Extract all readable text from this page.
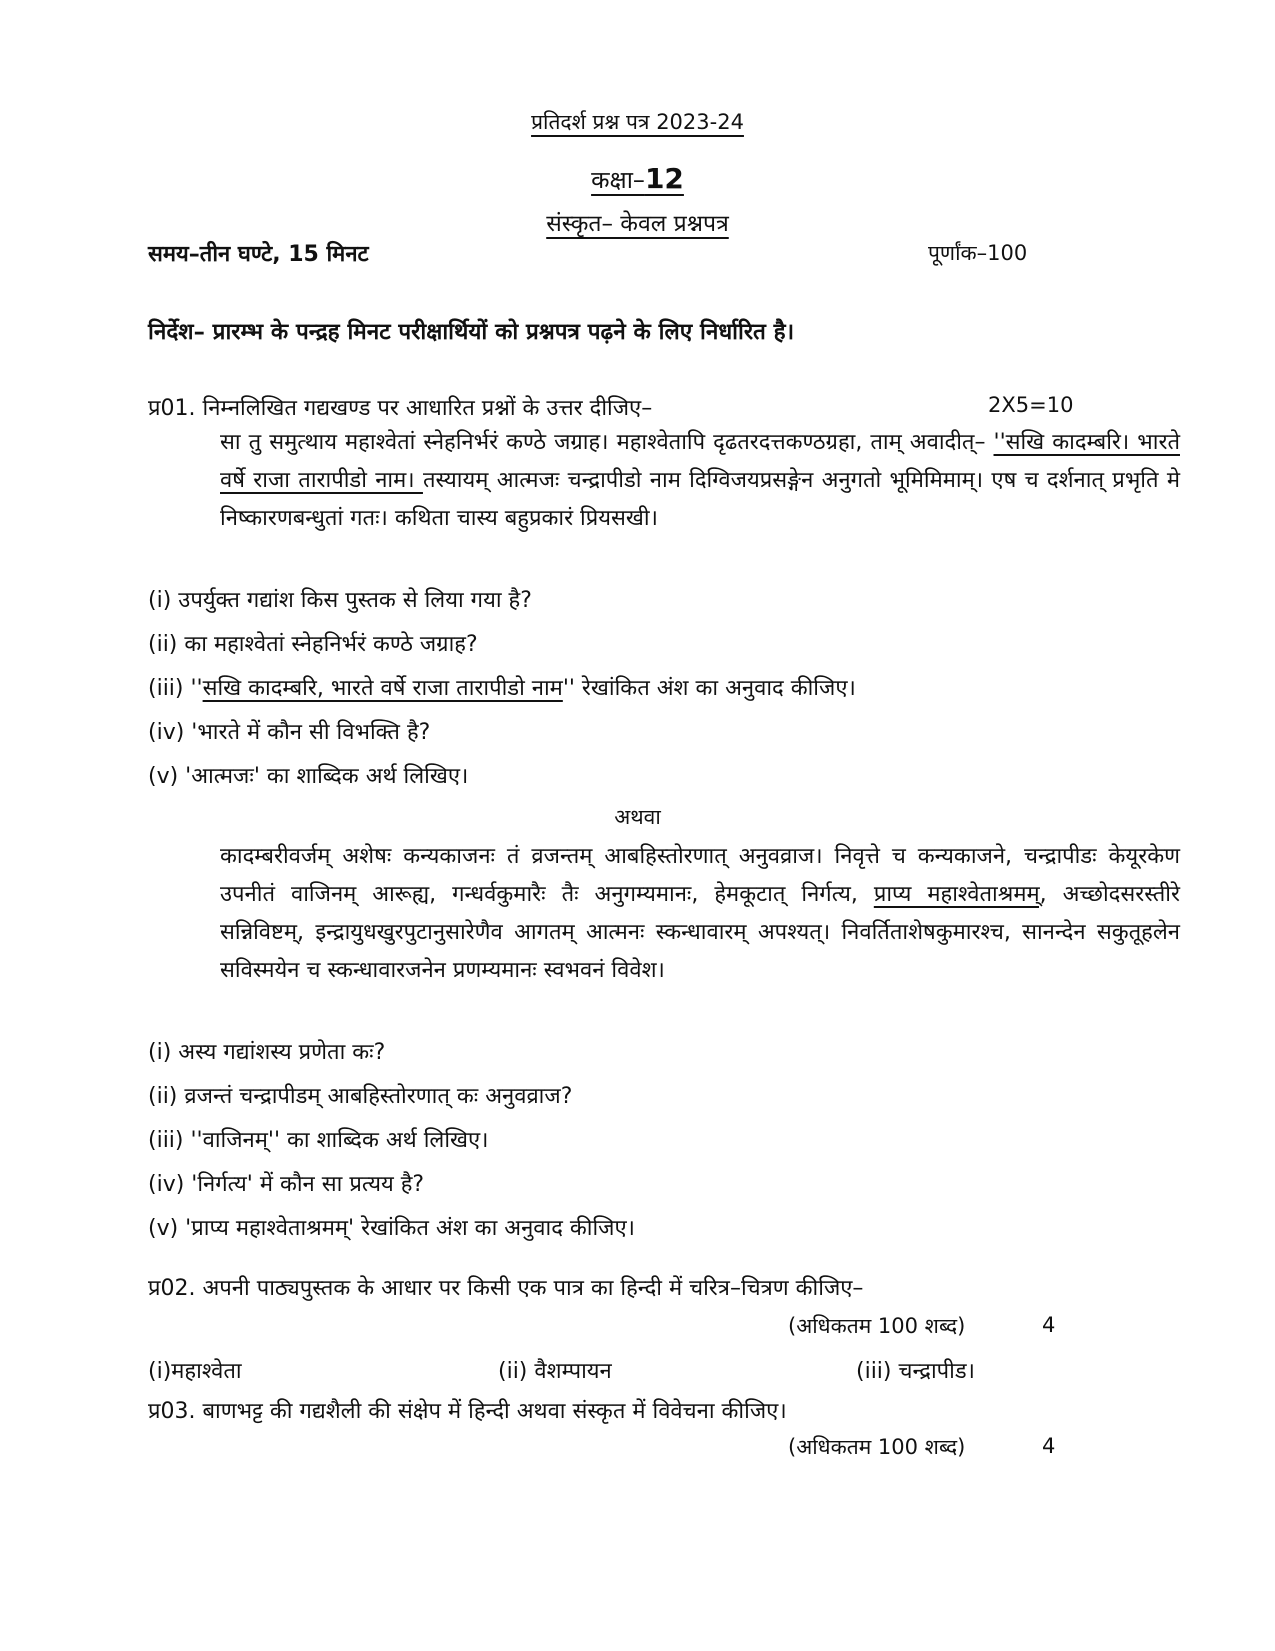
प्रतिदर्श प्रश्न पत्र 2023-24
कक्षा–12
संस्कृत– केवल प्रश्नपत्र
समय–तीन घण्टे, 15 मिनट	पूर्णांक–100
निर्देश– प्रारम्भ के पन्द्रह मिनट परीक्षार्थियों को प्रश्नपत्र पढ़ने के लिए निर्धारित है।
प्र01. निम्नलिखित गद्यखण्ड पर आधारित प्रश्नों के उत्तर दीजिए–	2X5=10
सा तु समुत्थाय महाश्वेतां स्नेहनिर्भरं कण्ठे जग्राह। महाश्वेतापि दृढतरदत्तकण्ठग्रहा, ताम् अवादीत्– ''सखि कादम्बरि। भारते वर्षे राजा तारापीडो नाम। तस्यायम् आत्मजः चन्द्रापीडो नाम दिग्विजयप्रसङ्गेन अनुगतो भूमिमिमाम्। एष च दर्शनात् प्रभृति मे निष्कारणबन्धुतां गतः। कथिता चास्य बहुप्रकारं प्रियसखी।
(i) उपर्युक्त गद्यांश किस पुस्तक से लिया गया है?
(ii) का महाश्वेतां स्नेहनिर्भरं कण्ठे जग्राह?
(iii) ''सखि कादम्बरि, भारते वर्षे राजा तारापीडो नाम'' रेखांकित अंश का अनुवाद कीजिए।
(iv) 'भारते में कौन सी विभक्ति है?
(v) 'आत्मजः' का शाब्दिक अर्थ लिखिए।
अथवा
कादम्बरीवर्जम् अशेषः कन्यकाजनः तं व्रजन्तम् आबहिस्तोरणात् अनुवव्राज। निवृत्ते च कन्यकाजने, चन्द्रापीडः केयूरकेण उपनीतं वाजिनम् आरूह्य, गन्धर्वकुमारैः तैः अनुगम्यमानः, हेमकूटात् निर्गत्य, प्राप्य महाश्वेताश्रमम्, अच्छोदसरस्तीरे सन्निविष्टम्, इन्द्रायुधखुरपुटानुसारेणैव आगतम् आत्मनः स्कन्धावारम् अपश्यत्। निवर्तिताशेषकुमारश्च, सानन्देन सकुतूहलेन सविस्मयेन च स्कन्धावारजनेन प्रणम्यमानः स्वभवनं विवेश।
(i) अस्य गद्यांशस्य प्रणेता कः?
(ii) व्रजन्तं चन्द्रापीडम् आबहिस्तोरणात् कः अनुवव्राज?
(iii) ''वाजिनम्'' का शाब्दिक अर्थ लिखिए।
(iv) 'निर्गत्य' में कौन सा प्रत्यय है?
(v) 'प्राप्य महाश्वेताश्रमम्' रेखांकित अंश का अनुवाद कीजिए।
प्र02. अपनी पाठ्यपुस्तक के आधार पर किसी एक पात्र का हिन्दी में चरित्र–चित्रण कीजिए–
(अधिकतम 100 शब्द)	4
(i)महाश्वेता	(ii) वैशम्पायन	(iii) चन्द्रापीड।
प्र03. बाणभट्ट की गद्यशैली की संक्षेप में हिन्दी अथवा संस्कृत में विवेचना कीजिए।
(अधिकतम 100 शब्द)	4
